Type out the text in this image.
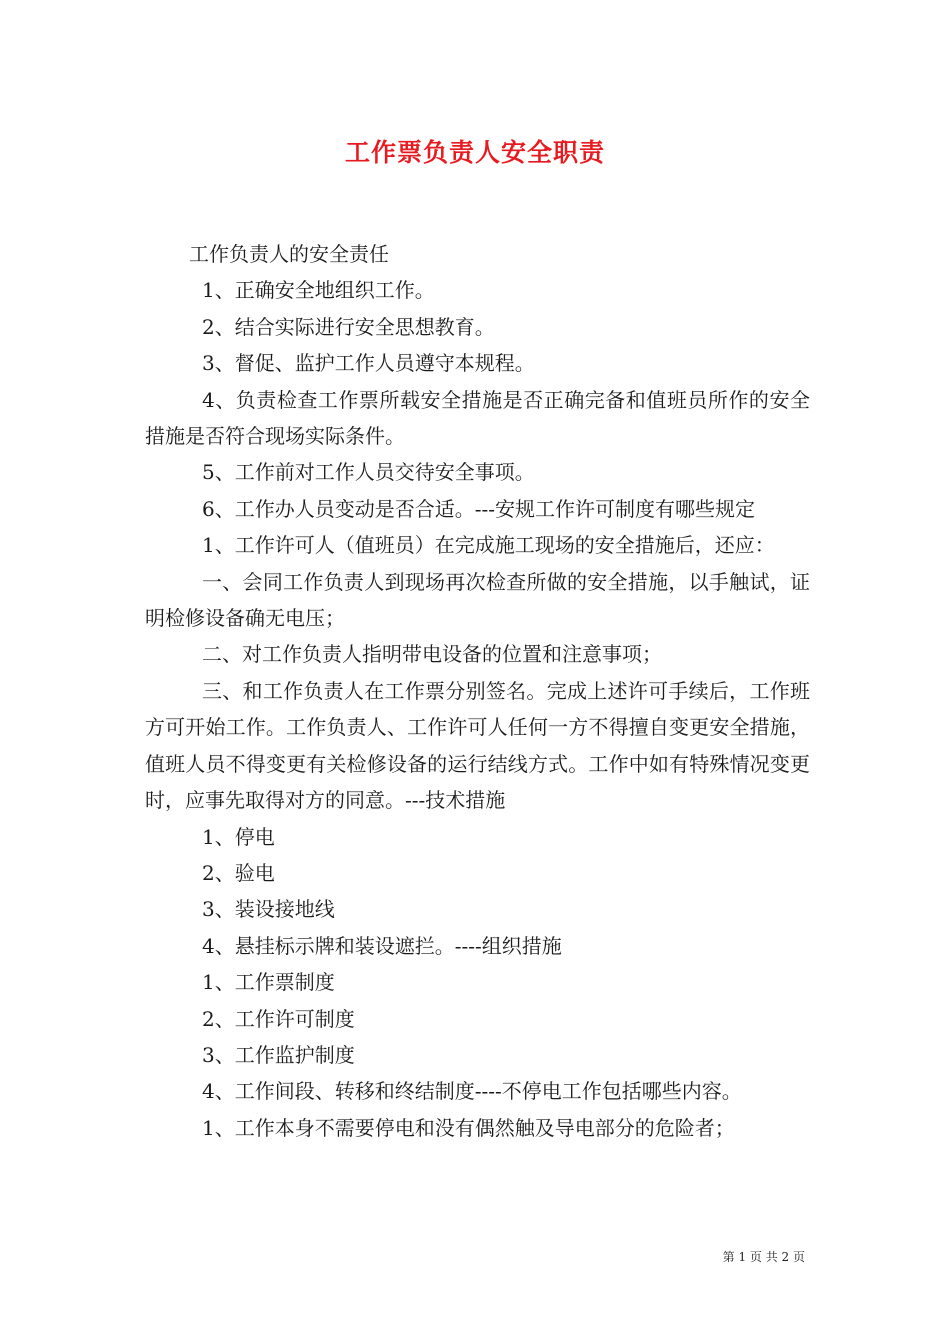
工作票负责人安全职责

工作负责人的安全责任

1、正确安全地组织工作。

2、结合实际进行安全思想教育。

3、督促、监护工作人员遵守本规程。

4、负责检查工作票所载安全措施是否正确完备和值班员所作的安全措施是否符合现场实际条件。

5、工作前对工作人员交待安全事项。

6、工作办人员变动是否合适。---安规工作许可制度有哪些规定

1、工作许可人（值班员）在完成施工现场的安全措施后，还应：

一、会同工作负责人到现场再次检查所做的安全措施，以手触试，证明检修设备确无电压；

二、对工作负责人指明带电设备的位置和注意事项；

三、和工作负责人在工作票分别签名。完成上述许可手续后，工作班方可开始工作。工作负责人、工作许可人任何一方不得擅自变更安全措施，值班人员不得变更有关检修设备的运行结线方式。工作中如有特殊情况变更时，应事先取得对方的同意。---技术措施

1、停电

2、验电

3、装设接地线

4、悬挂标示牌和装设遮拦。----组织措施

1、工作票制度

2、工作许可制度

3、工作监护制度

4、工作间段、转移和终结制度----不停电工作包括哪些内容。

1、工作本身不需要停电和没有偶然触及导电部分的危险者；

第 1 页 共 2 页
